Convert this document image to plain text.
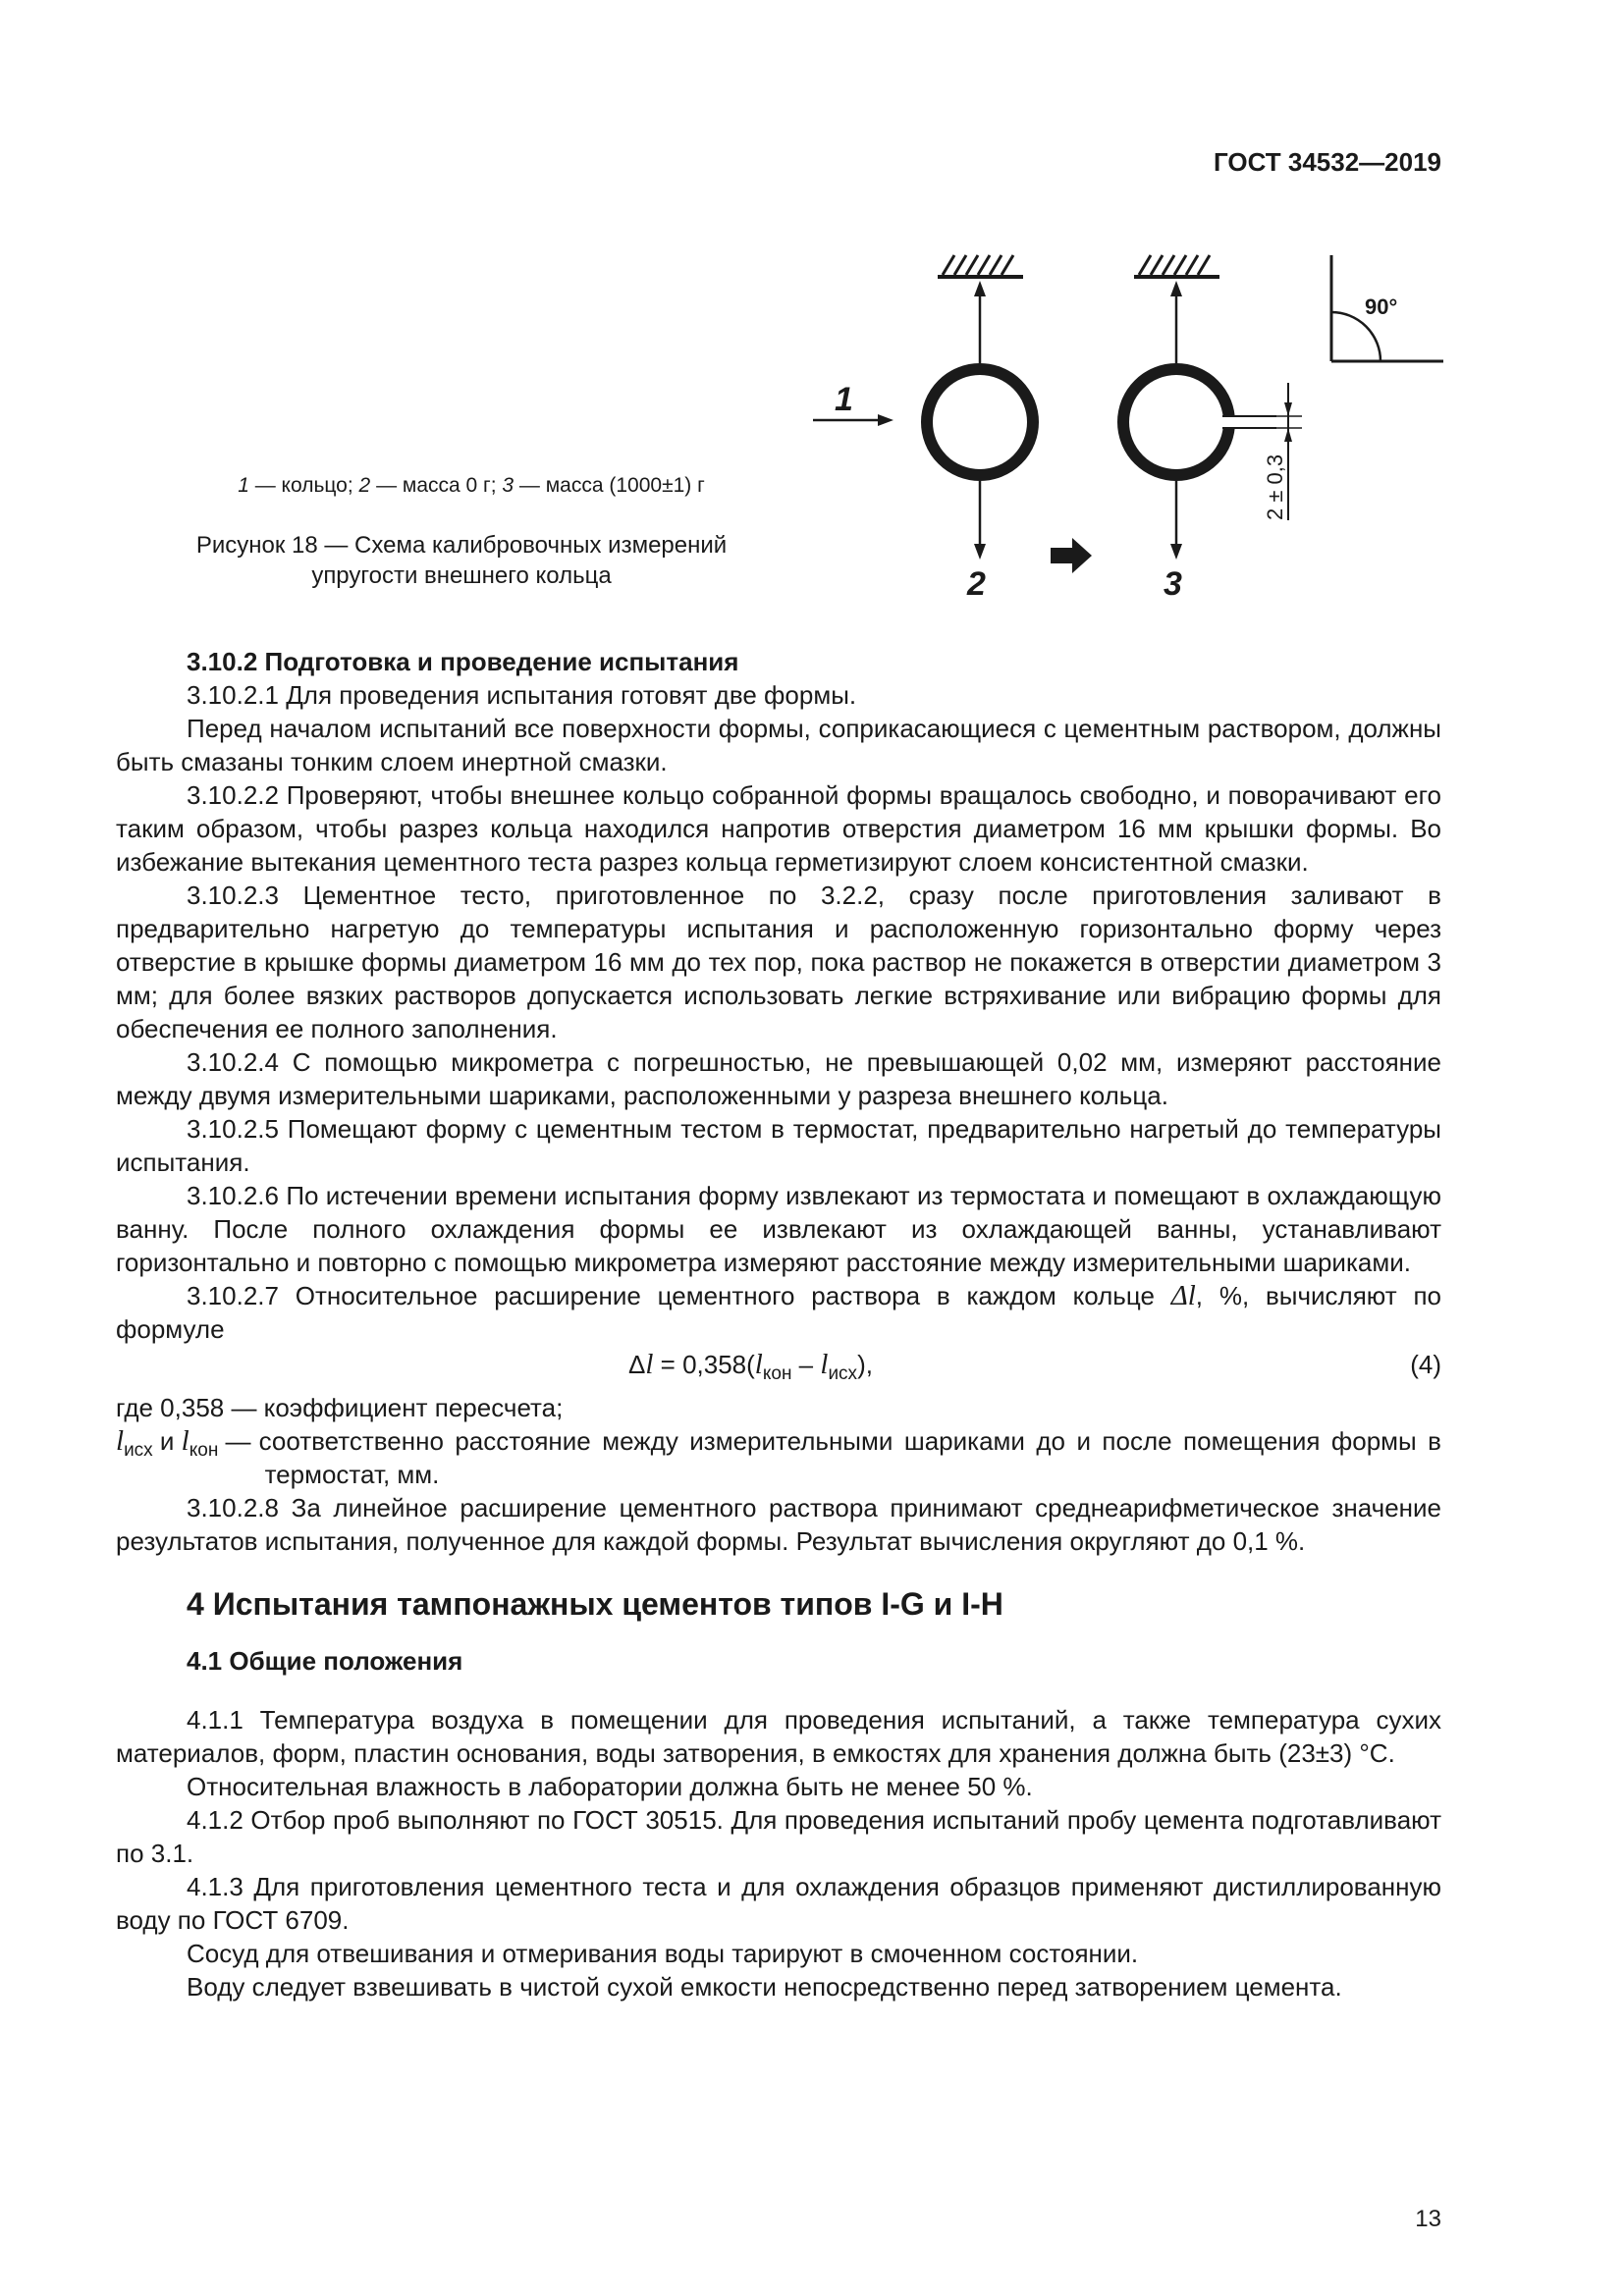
ГОСТ 34532—2019
1
2	3
2 ± 0,3
90°
1 — кольцо; 2 — масса 0 г; 3 — масса (1000±1) г
Рисунок 18 — Схема калибровочных измерений
упругости внешнего кольца

3.10.2 Подготовка и проведение испытания

3.10.2.1 Для проведения испытания готовят две формы.

Перед началом испытаний все поверхности формы, соприкасающиеся с цементным раствором, должны быть смазаны тонким слоем инертной смазки.

3.10.2.2 Проверяют, чтобы внешнее кольцо собранной формы вращалось свободно, и поворачивают его таким образом, чтобы разрез кольца находился напротив отверстия диаметром 16 мм крышки формы. Во избежание вытекания цементного теста разрез кольца герметизируют слоем консистентной смазки.

3.10.2.3 Цементное тесто, приготовленное по 3.2.2, сразу после приготовления заливают в предварительно нагретую до температуры испытания и расположенную горизонтально форму через отверстие в крышке формы диаметром 16 мм до тех пор, пока раствор не покажется в отверстии диаметром 3 мм; для более вязких растворов допускается использовать легкие встряхивание или вибрацию формы для обеспечения ее полного заполнения.

3.10.2.4 С помощью микрометра с погрешностью, не превышающей 0,02 мм, измеряют расстояние между двумя измерительными шариками, расположенными у разреза внешнего кольца.

3.10.2.5 Помещают форму с цементным тестом в термостат, предварительно нагретый до температуры испытания.

3.10.2.6 По истечении времени испытания форму извлекают из термостата и помещают в охлаждающую ванну. После полного охлаждения формы ее извлекают из охлаждающей ванны, устанавливают горизонтально и повторно с помощью микрометра измеряют расстояние между измерительными шариками.

3.10.2.7 Относительное расширение цементного раствора в каждом кольце Δl, %, вычисляют по формуле

$\Delta l = 0,358(l_{кон} - l_{исх})$,	(4)

где 0,358 — коэффициент пересчета;

$l_{исх}$ и $l_{кон}$ — соответственно расстояние между измерительными шариками до и после помещения формы в термостат, мм.

3.10.2.8 За линейное расширение цементного раствора принимают среднеарифметическое значение результатов испытания, полученное для каждой формы. Результат вычисления округляют до 0,1 %.

4 Испытания тампонажных цементов типов I-G и I-H
4.1 Общие положения

4.1.1 Температура воздуха в помещении для проведения испытаний, а также температура сухих материалов, форм, пластин основания, воды затворения, в емкостях для хранения должна быть (23±3) °С.

Относительная влажность в лаборатории должна быть не менее 50 %.

4.1.2 Отбор проб выполняют по ГОСТ 30515. Для проведения испытаний пробу цемента подготавливают по 3.1.

4.1.3 Для приготовления цементного теста и для охлаждения образцов применяют дистиллированную воду по ГОСТ 6709.

Сосуд для отвешивания и отмеривания воды тарируют в смоченном состоянии.

Воду следует взвешивать в чистой сухой емкости непосредственно перед затворением цемента.

13
